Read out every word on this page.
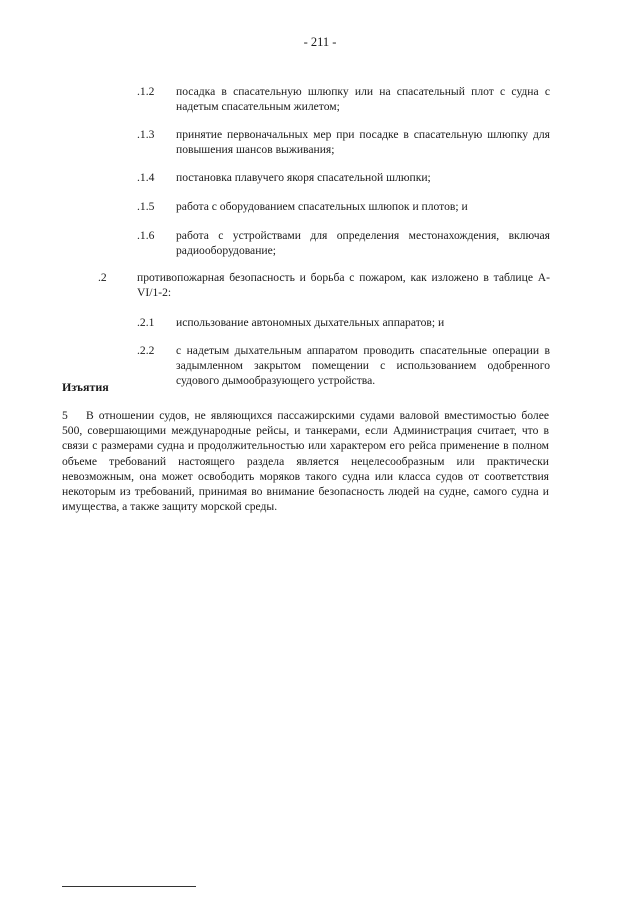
- 211 -
.1.2 посадка в спасательную шлюпку или на спасательный плот с судна с надетым спасательным жилетом;
.1.3 принятие первоначальных мер при посадке в спасательную шлюпку для повышения шансов выживания;
.1.4 постановка плавучего якоря спасательной шлюпки;
.1.5 работа с оборудованием спасательных шлюпок и плотов; и
.1.6 работа с устройствами для определения местонахождения, включая радиооборудование;
.2	противопожарная безопасность и борьба с пожаром, как изложено в таблице A-VI/1-2:
.2.1 использование автономных дыхательных аппаратов; и
.2.2 с надетым дыхательным аппаратом проводить спасательные операции в задымленном закрытом помещении с использованием одобренного судового дымообразующего устройства.
Изъятия
5 В отношении судов, не являющихся пассажирскими судами валовой вместимостью более 500, совершающими международные рейсы, и танкерами, если Администрация считает, что в связи с размерами судна и продолжительностью или характером его рейса применение в полном объеме требований настоящего раздела является нецелесообразным или практически невозможным, она может освободить моряков такого судна или класса судов от соответствия некоторым из требований, принимая во внимание безопасность людей на судне, самого судна и имущества, а также защиту морской среды.
